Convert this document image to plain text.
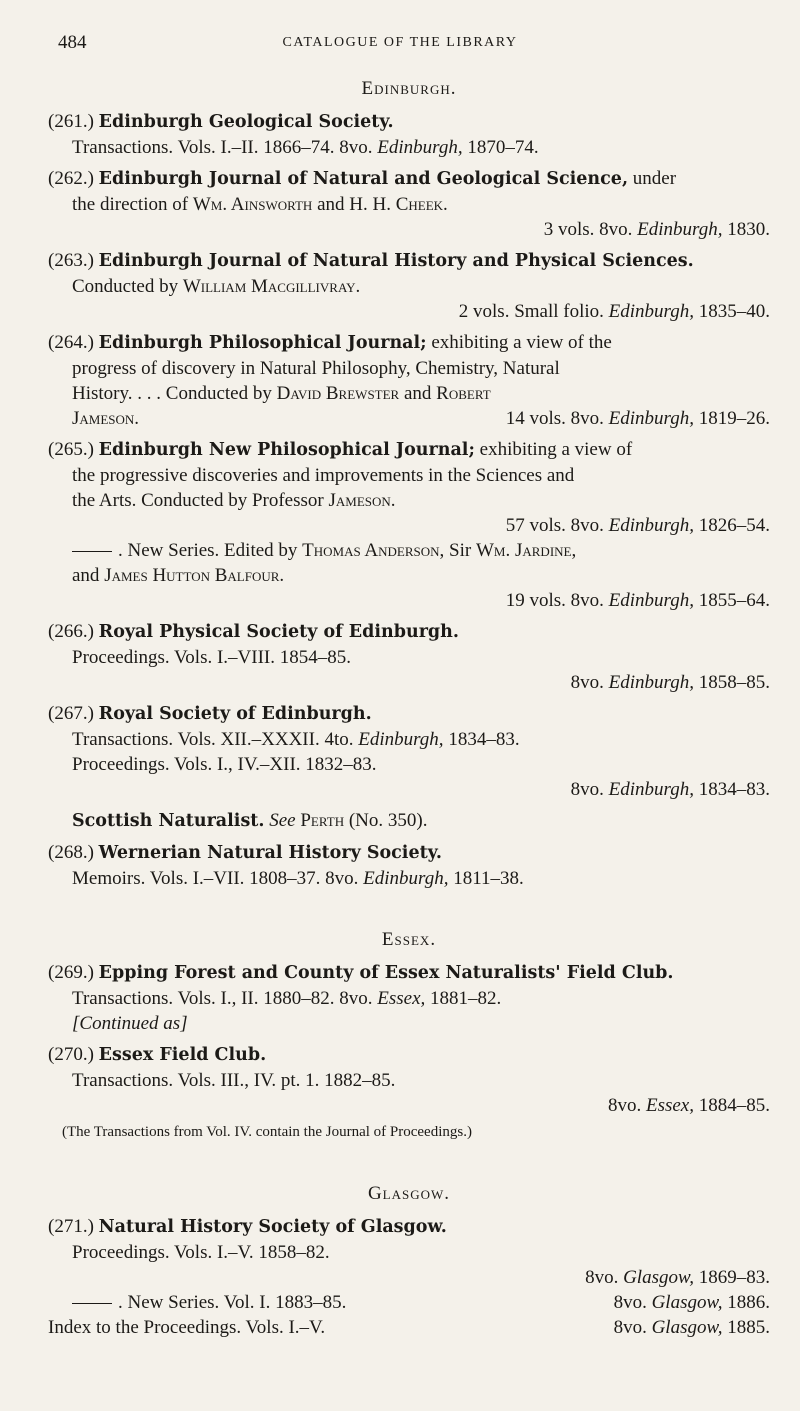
484	CATALOGUE OF THE LIBRARY
Edinburgh.
(261.) Edinburgh Geological Society.
Transactions. Vols. I.–II. 1866–74. 8vo. Edinburgh, 1870–74.
(262.) Edinburgh Journal of Natural and Geological Science, under
the direction of Wm. Ainsworth and H. H. Cheek.
3 vols. 8vo. Edinburgh, 1830.
(263.) Edinburgh Journal of Natural History and Physical Sciences.
Conducted by William Macgillivray.
2 vols. Small folio. Edinburgh, 1835–40.
(264.) Edinburgh Philosophical Journal; exhibiting a view of the
progress of discovery in Natural Philosophy, Chemistry, Natural
History. . . . Conducted by David Brewster and Robert
Jameson.	14 vols. 8vo. Edinburgh, 1819–26.
(265.) Edinburgh New Philosophical Journal; exhibiting a view of
the progressive discoveries and improvements in the Sciences and
the Arts. Conducted by Professor Jameson.
57 vols. 8vo. Edinburgh, 1826–54.
. New Series. Edited by Thomas Anderson, Sir Wm. Jardine,
and James Hutton Balfour.
19 vols. 8vo. Edinburgh, 1855–64.
(266.) Royal Physical Society of Edinburgh.
Proceedings. Vols. I.–VIII. 1854–85.
8vo. Edinburgh, 1858–85.
(267.) Royal Society of Edinburgh.
Transactions. Vols. XII.–XXXII. 4to. Edinburgh, 1834–83.
Proceedings. Vols. I., IV.–XII. 1832–83.
8vo. Edinburgh, 1834–83.
Scottish Naturalist. See Perth (No. 350).
(268.) Wernerian Natural History Society.
Memoirs. Vols. I.–VII. 1808–37. 8vo. Edinburgh, 1811–38.
Essex.
(269.) Epping Forest and County of Essex Naturalists' Field Club.
Transactions. Vols. I., II. 1880–82. 8vo. Essex, 1881–82.
[Continued as]
(270.) Essex Field Club.
Transactions. Vols. III., IV. pt. 1. 1882–85.
8vo. Essex, 1884–85.
(The Transactions from Vol. IV. contain the Journal of Proceedings.)
Glasgow.
(271.) Natural History Society of Glasgow.
Proceedings. Vols. I.–V. 1858–82.
8vo. Glasgow, 1869–83.
. New Series. Vol. I. 1883–85.	8vo. Glasgow, 1886.
Index to the Proceedings. Vols. I.–V.	8vo. Glasgow, 1885.
